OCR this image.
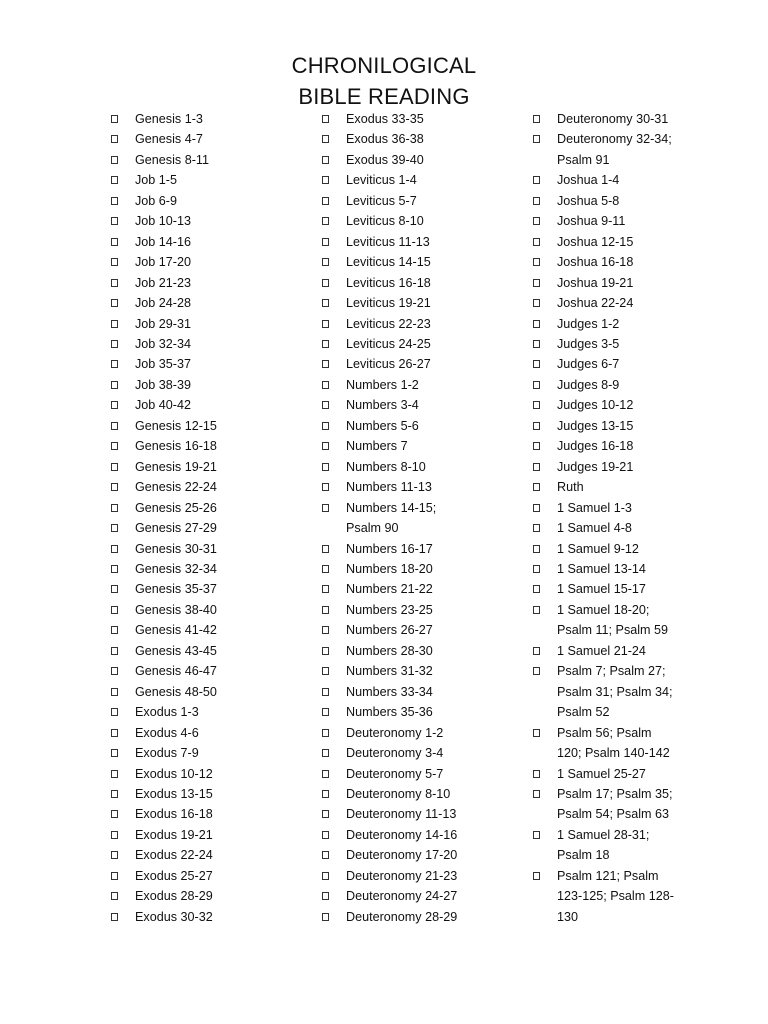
CHRONILOGICAL
BIBLE READING
Genesis 1-3
Genesis 4-7
Genesis 8-11
Job 1-5
Job 6-9
Job 10-13
Job 14-16
Job 17-20
Job 21-23
Job 24-28
Job 29-31
Job 32-34
Job 35-37
Job 38-39
Job 40-42
Genesis 12-15
Genesis 16-18
Genesis 19-21
Genesis 22-24
Genesis 25-26
Genesis 27-29
Genesis 30-31
Genesis 32-34
Genesis 35-37
Genesis 38-40
Genesis 41-42
Genesis 43-45
Genesis 46-47
Genesis 48-50
Exodus 1-3
Exodus 4-6
Exodus 7-9
Exodus 10-12
Exodus 13-15
Exodus 16-18
Exodus 19-21
Exodus 22-24
Exodus 25-27
Exodus 28-29
Exodus 30-32
Exodus 33-35
Exodus 36-38
Exodus 39-40
Leviticus 1-4
Leviticus 5-7
Leviticus 8-10
Leviticus 11-13
Leviticus 14-15
Leviticus 16-18
Leviticus 19-21
Leviticus 22-23
Leviticus 24-25
Leviticus 26-27
Numbers 1-2
Numbers 3-4
Numbers 5-6
Numbers 7
Numbers 8-10
Numbers 11-13
Numbers 14-15;
Psalm 90
Numbers 16-17
Numbers 18-20
Numbers 21-22
Numbers 23-25
Numbers 26-27
Numbers 28-30
Numbers 31-32
Numbers 33-34
Numbers 35-36
Deuteronomy 1-2
Deuteronomy 3-4
Deuteronomy 5-7
Deuteronomy 8-10
Deuteronomy 11-13
Deuteronomy 14-16
Deuteronomy 17-20
Deuteronomy 21-23
Deuteronomy 24-27
Deuteronomy 28-29
Deuteronomy 30-31
Deuteronomy 32-34;
Psalm 91
Joshua 1-4
Joshua 5-8
Joshua 9-11
Joshua 12-15
Joshua 16-18
Joshua 19-21
Joshua 22-24
Judges 1-2
Judges 3-5
Judges 6-7
Judges 8-9
Judges 10-12
Judges 13-15
Judges 16-18
Judges 19-21
Ruth
1 Samuel 1-3
1 Samuel 4-8
1 Samuel 9-12
1 Samuel 13-14
1 Samuel 15-17
1 Samuel 18-20;
Psalm 11; Psalm 59
1 Samuel 21-24
Psalm 7; Psalm 27;
Psalm 31; Psalm 34;
Psalm 52
Psalm 56; Psalm
120; Psalm 140-142
1 Samuel 25-27
Psalm 17; Psalm 35;
Psalm 54; Psalm 63
1 Samuel 28-31;
Psalm 18
Psalm 121; Psalm
123-125; Psalm 128-
130
